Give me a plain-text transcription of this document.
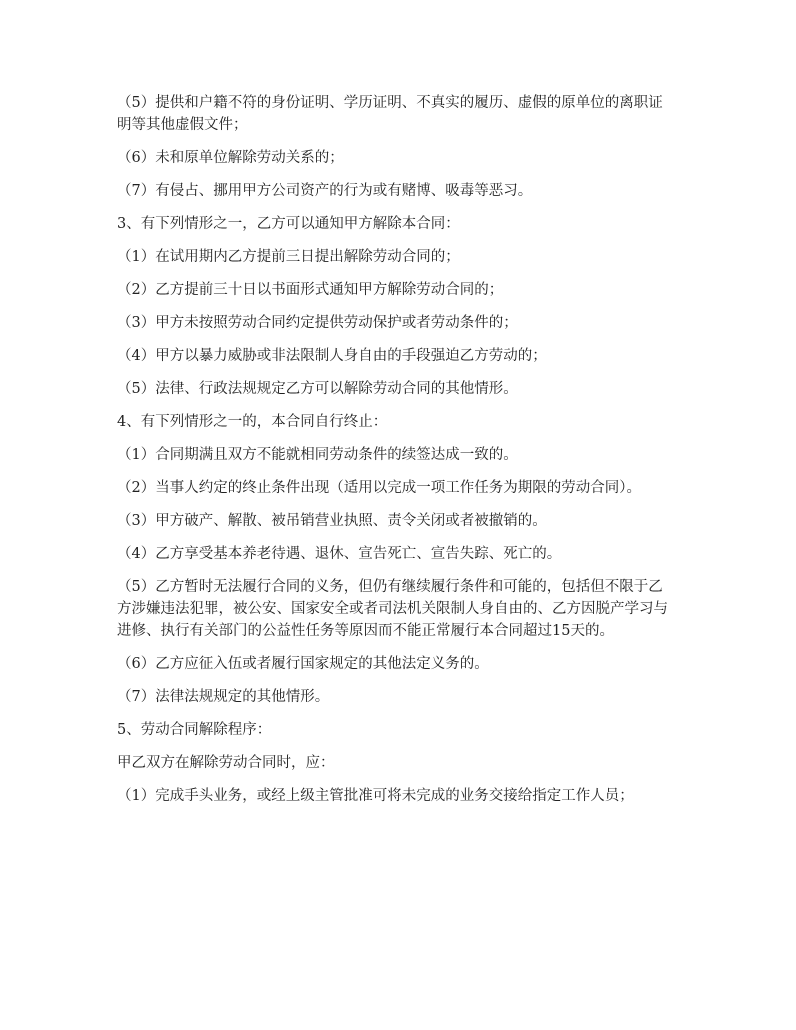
（5）提供和户籍不符的身份证明、学历证明、不真实的履历、虚假的原单位的离职证明等其他虚假文件；

（6）未和原单位解除劳动关系的；

（7）有侵占、挪用甲方公司资产的行为或有赌博、吸毒等恶习。

3、有下列情形之一，乙方可以通知甲方解除本合同：

（1）在试用期内乙方提前三日提出解除劳动合同的；

（2）乙方提前三十日以书面形式通知甲方解除劳动合同的；

（3）甲方未按照劳动合同约定提供劳动保护或者劳动条件的；

（4）甲方以暴力威胁或非法限制人身自由的手段强迫乙方劳动的；

（5）法律、行政法规规定乙方可以解除劳动合同的其他情形。

4、有下列情形之一的，本合同自行终止：

（1）合同期满且双方不能就相同劳动条件的续签达成一致的。

（2）当事人约定的终止条件出现（适用以完成一项工作任务为期限的劳动合同）。

（3）甲方破产、解散、被吊销营业执照、责令关闭或者被撤销的。

（4）乙方享受基本养老待遇、退休、宣告死亡、宣告失踪、死亡的。

（5）乙方暂时无法履行合同的义务，但仍有继续履行条件和可能的，包括但不限于乙方涉嫌违法犯罪，被公安、国家安全或者司法机关限制人身自由的、乙方因脱产学习与进修、执行有关部门的公益性任务等原因而不能正常履行本合同超过15天的。

（6）乙方应征入伍或者履行国家规定的其他法定义务的。

（7）法律法规规定的其他情形。

5、劳动合同解除程序：

甲乙双方在解除劳动合同时，应：

（1）完成手头业务，或经上级主管批准可将未完成的业务交接给指定工作人员；
